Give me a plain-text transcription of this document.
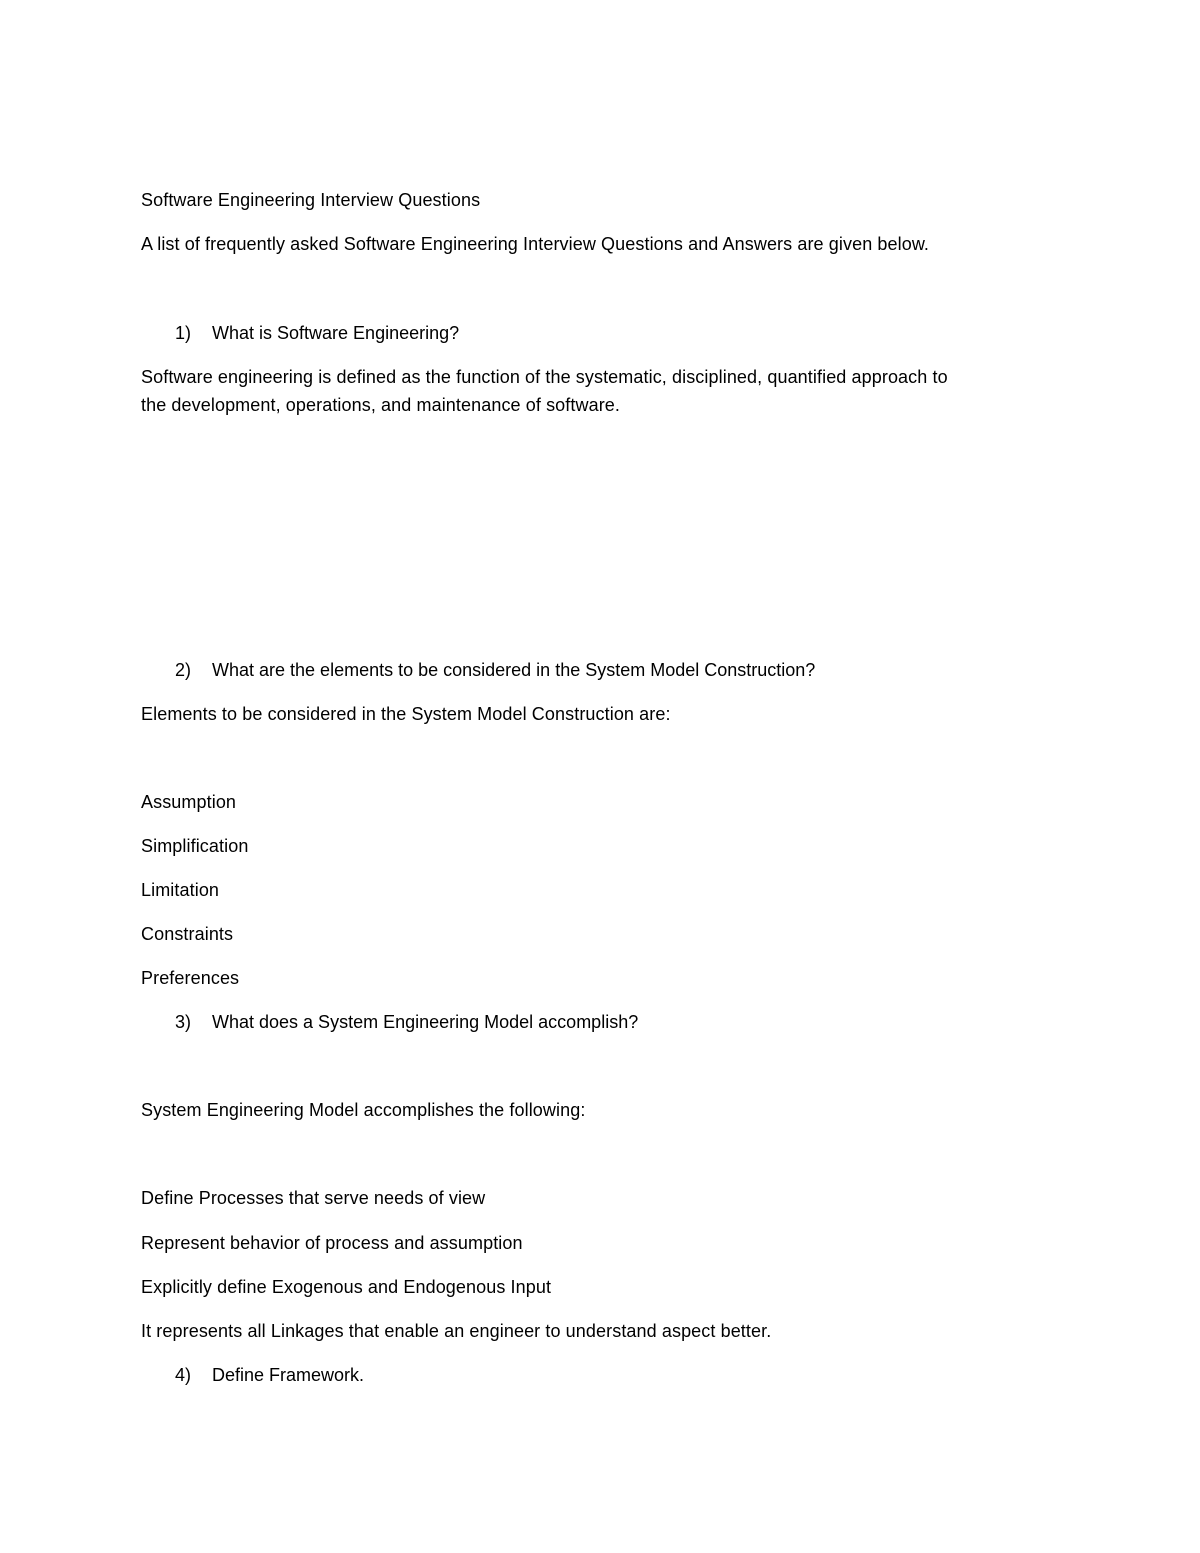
Software Engineering Interview Questions
A list of frequently asked Software Engineering Interview Questions and Answers are given below.
1) What is Software Engineering?
Software engineering is defined as the function of the systematic, disciplined, quantified approach to
the development, operations, and maintenance of software.
2) What are the elements to be considered in the System Model Construction?
Elements to be considered in the System Model Construction are:
Assumption
Simplification
Limitation
Constraints
Preferences
3) What does a System Engineering Model accomplish?
System Engineering Model accomplishes the following:
Define Processes that serve needs of view
Represent behavior of process and assumption
Explicitly define Exogenous and Endogenous Input
It represents all Linkages that enable an engineer to understand aspect better.
4) Define Framework.
